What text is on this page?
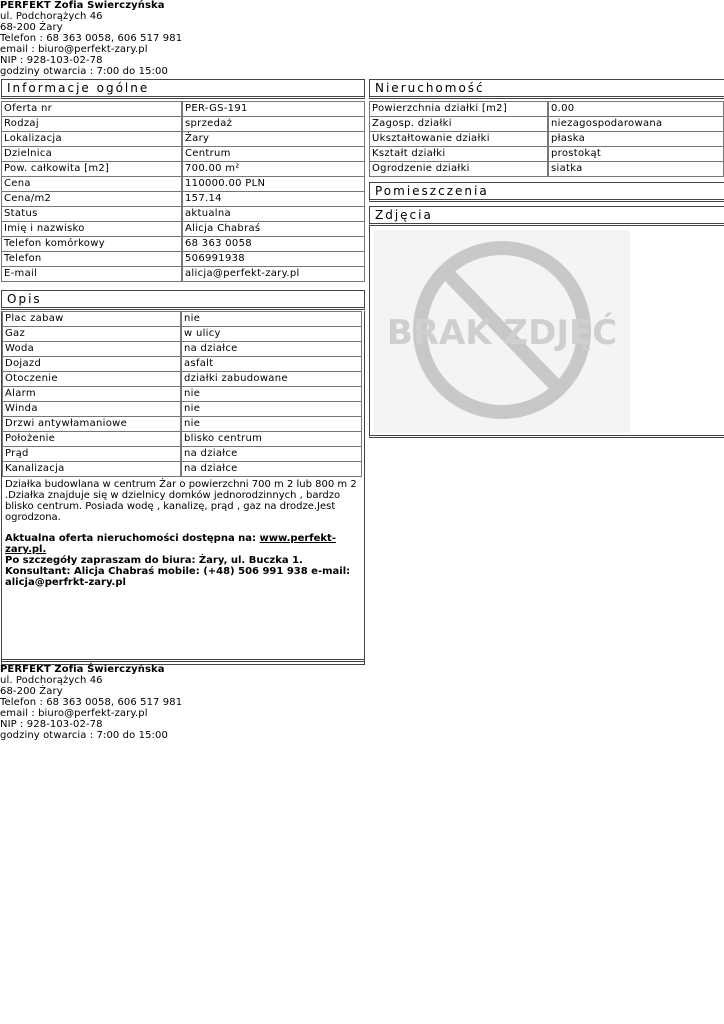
PERFEKT Zofia Świerczyńska
ul. Podchorążych 46
68-200 Żary
Telefon : 68 363 0058, 606 517 981
email : biuro@perfekt-zary.pl
NIP : 928-103-02-78
godziny otwarcia : 7:00 do 15:00
Informacje ogólne
Oferta nr	PER-GS-191
Rodzaj	sprzedaż
Lokalizacja	Żary
Dzielnica	Centrum
Pow. całkowita [m2]	700.00 m²
Cena	110000.00 PLN
Cena/m2	157.14
Status	aktualna
Imię i nazwisko	Alicja Chabraś
Telefon komórkowy	68 363 0058
Telefon	506991938
E-mail	alicja@perfekt-zary.pl
Opis
Plac zabaw	nie
Gaz	w ulicy
Woda	na działce
Dojazd	asfalt
Otoczenie	działki zabudowane
Alarm	nie
Winda	nie
Drzwi antywłamaniowe	nie
Położenie	blisko centrum
Prąd	na działce
Kanalizacja	na działce

Działka budowlana w centrum Żar o powierzchni 700 m 2 lub 800 m 2 .Działka znajduje się w dzielnicy domków jednorodzinnych , bardzo blisko centrum. Posiada wodę , kanalizę, prąd , gaz na drodze.Jest ogrodzona.

Aktualna oferta nieruchomości dostępna na: www.perfekt-zary.pl.
Po szczegóły zapraszam do biura: Żary, ul. Buczka 1. Konsultant: Alicja Chabraś mobile: (+48) 506 991 938 e-mail: alicja@perfrkt-zary.pl

Nieruchomość
Powierzchnia działki [m2]	0.00
Zagosp. działki	niezagospodarowana
Ukształtowanie działki	płaska
Kształt działki	prostokąt
Ogrodzenie działki	siatka
Pomieszczenia
Zdjęcia
BRAK ZDJĘĆ
PERFEKT Zofia Świerczyńska
ul. Podchorążych 46
68-200 Żary
Telefon : 68 363 0058, 606 517 981
email : biuro@perfekt-zary.pl
NIP : 928-103-02-78
godziny otwarcia : 7:00 do 15:00
